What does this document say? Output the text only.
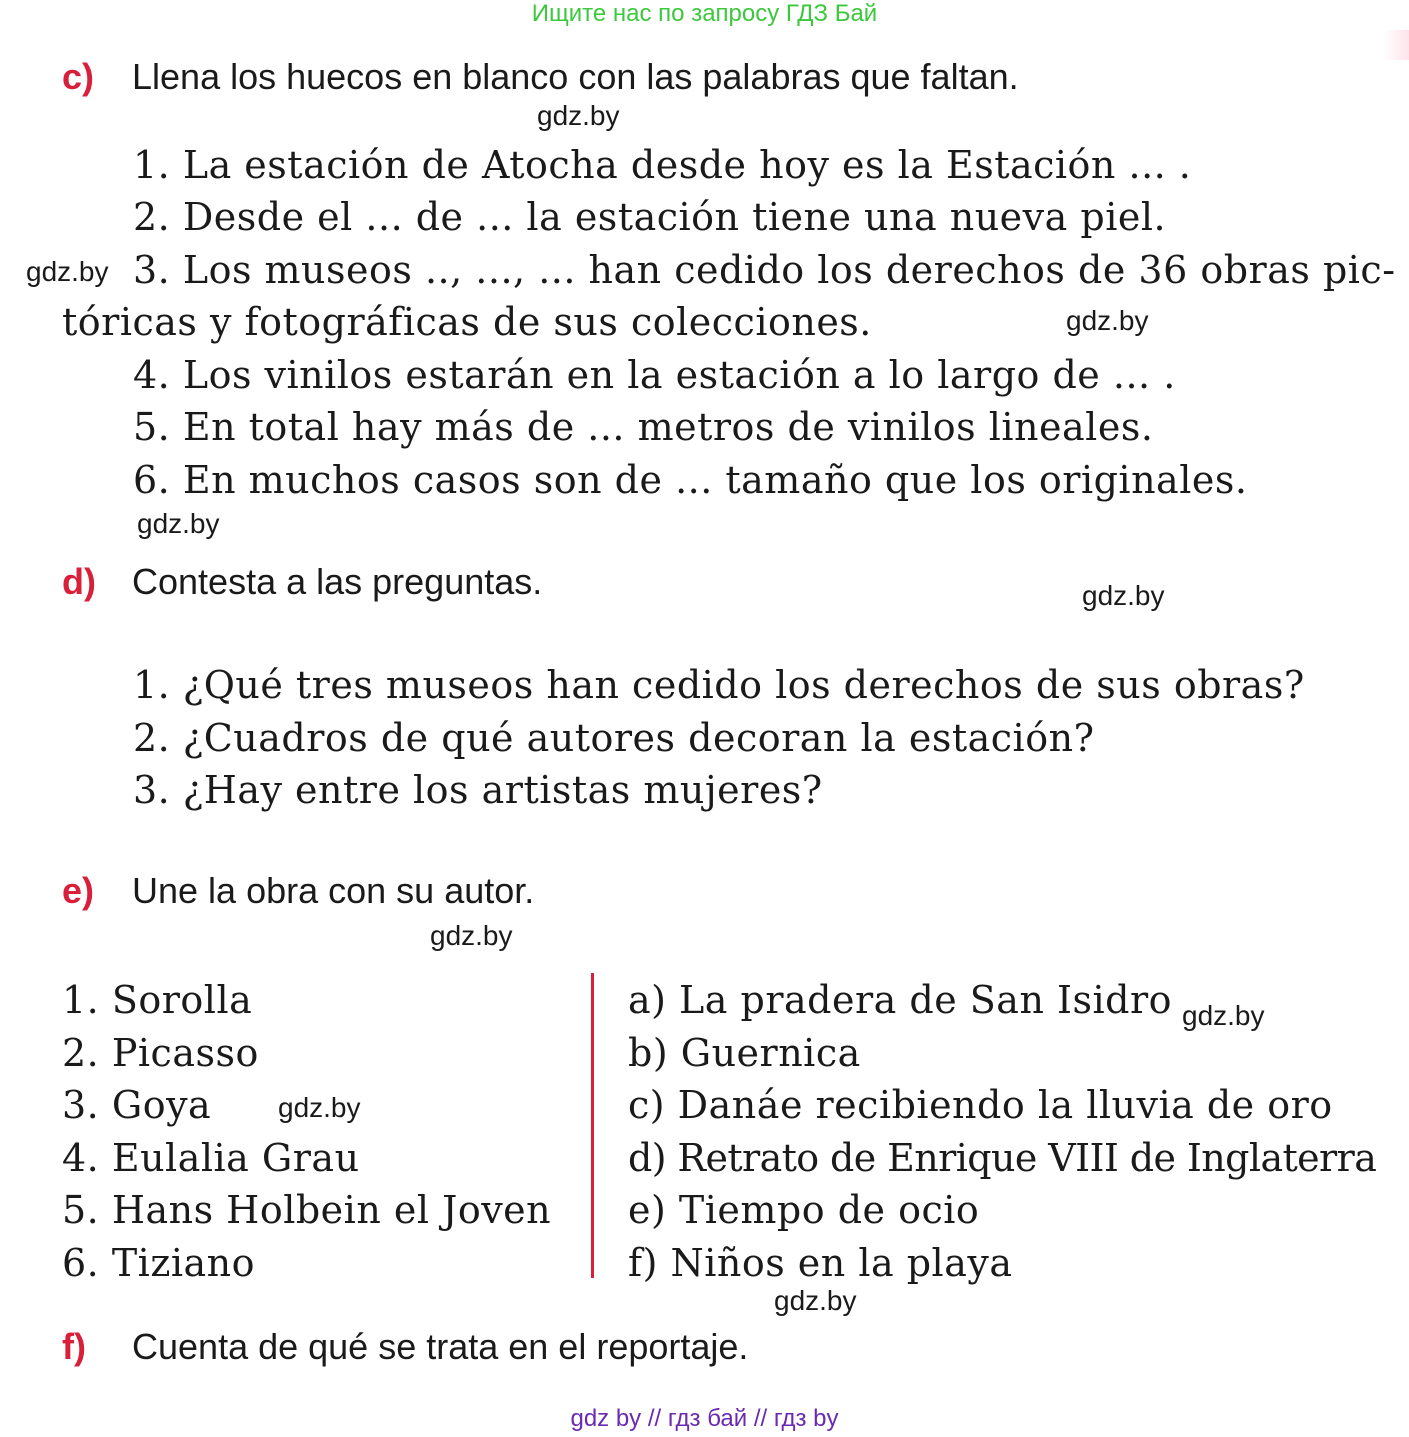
Ищите нас по запросу ГДЗ Бай
c) Llena los huecos en blanco con las palabras que faltan.
gdz.by
1. La estación de Atocha desde hoy es la Estación ... .
2. Desde el ... de ... la estación tiene una nueva piel.
gdz.by 3. Los museos .., ..., ... han cedido los derechos de 36 obras pic-
tóricas y fotográficas de sus colecciones.	gdz.by
4. Los vinilos estarán en la estación a lo largo de ... .
5. En total hay más de ... metros de vinilos lineales.
6. En muchos casos son de ... tamaño que los originales.
gdz.by
d) Contesta a las preguntas.	gdz.by
1. ¿Qué tres museos han cedido los derechos de sus obras?
2. ¿Cuadros de qué autores decoran la estación?
3. ¿Hay entre los artistas mujeres?
e) Une la obra con su autor.
gdz.by
1. Sorolla
2. Picasso
3. Goya gdz.by
4. Eulalia Grau
5. Hans Holbein el Joven
6. Tiziano
a) La pradera de San Isidro gdz.by
b) Guernica
c) Danáe recibiendo la lluvia de oro
d) Retrato de Enrique VIII de Inglaterra
e) Tiempo de ocio
f) Niños en la playa
gdz.by
f) Cuenta de qué se trata en el reportaje.
gdz by // гдз бай // гдз by
